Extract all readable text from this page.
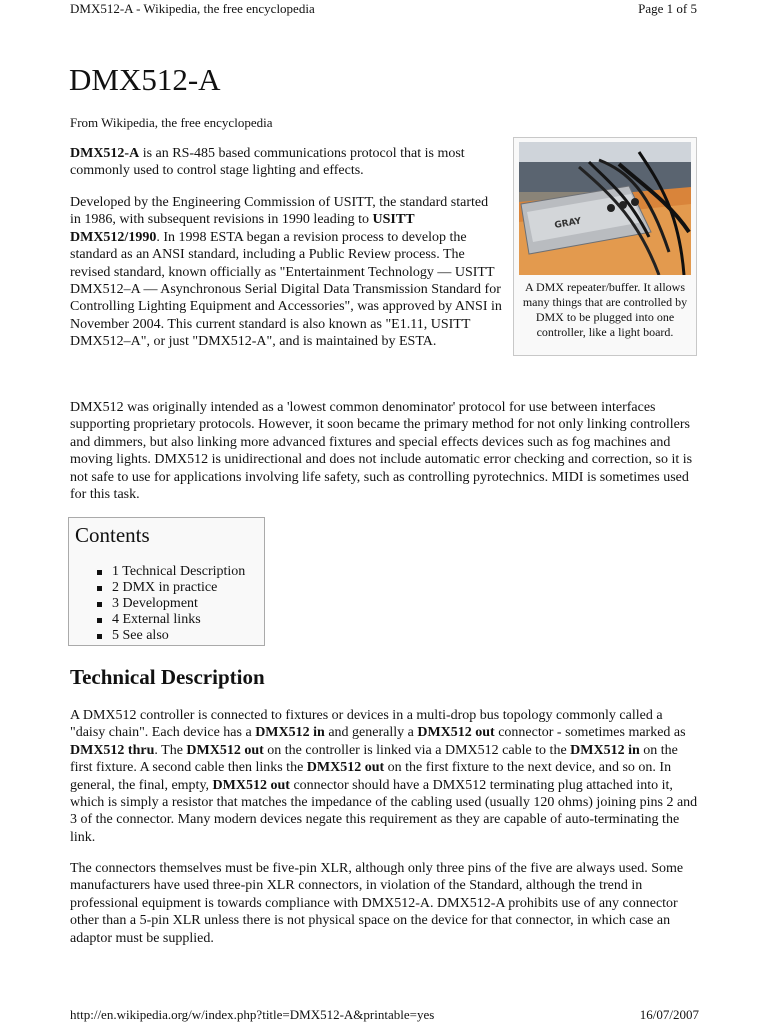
DMX512-A - Wikipedia, the free encyclopedia	Page 1 of 5
DMX512-A
From Wikipedia, the free encyclopedia

DMX512-A is an RS-485 based communications protocol that is most commonly used to control stage lighting and effects.

Developed by the Engineering Commission of USITT, the standard started in 1986, with subsequent revisions in 1990 leading to USITT DMX512/1990. In 1998 ESTA began a revision process to develop the standard as an ANSI standard, including a Public Review process. The revised standard, known officially as "Entertainment Technology — USITT DMX512–A — Asynchronous Serial Digital Data Transmission Standard for Controlling Lighting Equipment and Accessories", was approved by ANSI in November 2004. This current standard is also known as "E1.11, USITT DMX512–A", or just "DMX512-A", and is maintained by ESTA.

GRAY
A DMX repeater/buffer. It allows many things that are controlled by DMX to be plugged into one controller, like a light board.

DMX512 was originally intended as a 'lowest common denominator' protocol for use between interfaces supporting proprietary protocols. However, it soon became the primary method for not only linking controllers and dimmers, but also linking more advanced fixtures and special effects devices such as fog machines and moving lights. DMX512 is unidirectional and does not include automatic error checking and correction, so it is not safe to use for applications involving life safety, such as controlling pyrotechnics. MIDI is sometimes used for this task.

Contents
1 Technical Description
2 DMX in practice
3 Development
4 External links
5 See also
Technical Description

A DMX512 controller is connected to fixtures or devices in a multi-drop bus topology commonly called a "daisy chain". Each device has a DMX512 in and generally a DMX512 out connector - sometimes marked as DMX512 thru. The DMX512 out on the controller is linked via a DMX512 cable to the DMX512 in on the first fixture. A second cable then links the DMX512 out on the first fixture to the next device, and so on. In general, the final, empty, DMX512 out connector should have a DMX512 terminating plug attached into it, which is simply a resistor that matches the impedance of the cabling used (usually 120 ohms) joining pins 2 and 3 of the connector. Many modern devices negate this requirement as they are capable of auto-terminating the link.

The connectors themselves must be five-pin XLR, although only three pins of the five are always used. Some manufacturers have used three-pin XLR connectors, in violation of the Standard, although the trend in professional equipment is towards compliance with DMX512-A. DMX512-A prohibits use of any connector other than a 5-pin XLR unless there is not physical space on the device for that connector, in which case an adaptor must be supplied.

http://en.wikipedia.org/w/index.php?title=DMX512-A&printable=yes	16/07/2007
